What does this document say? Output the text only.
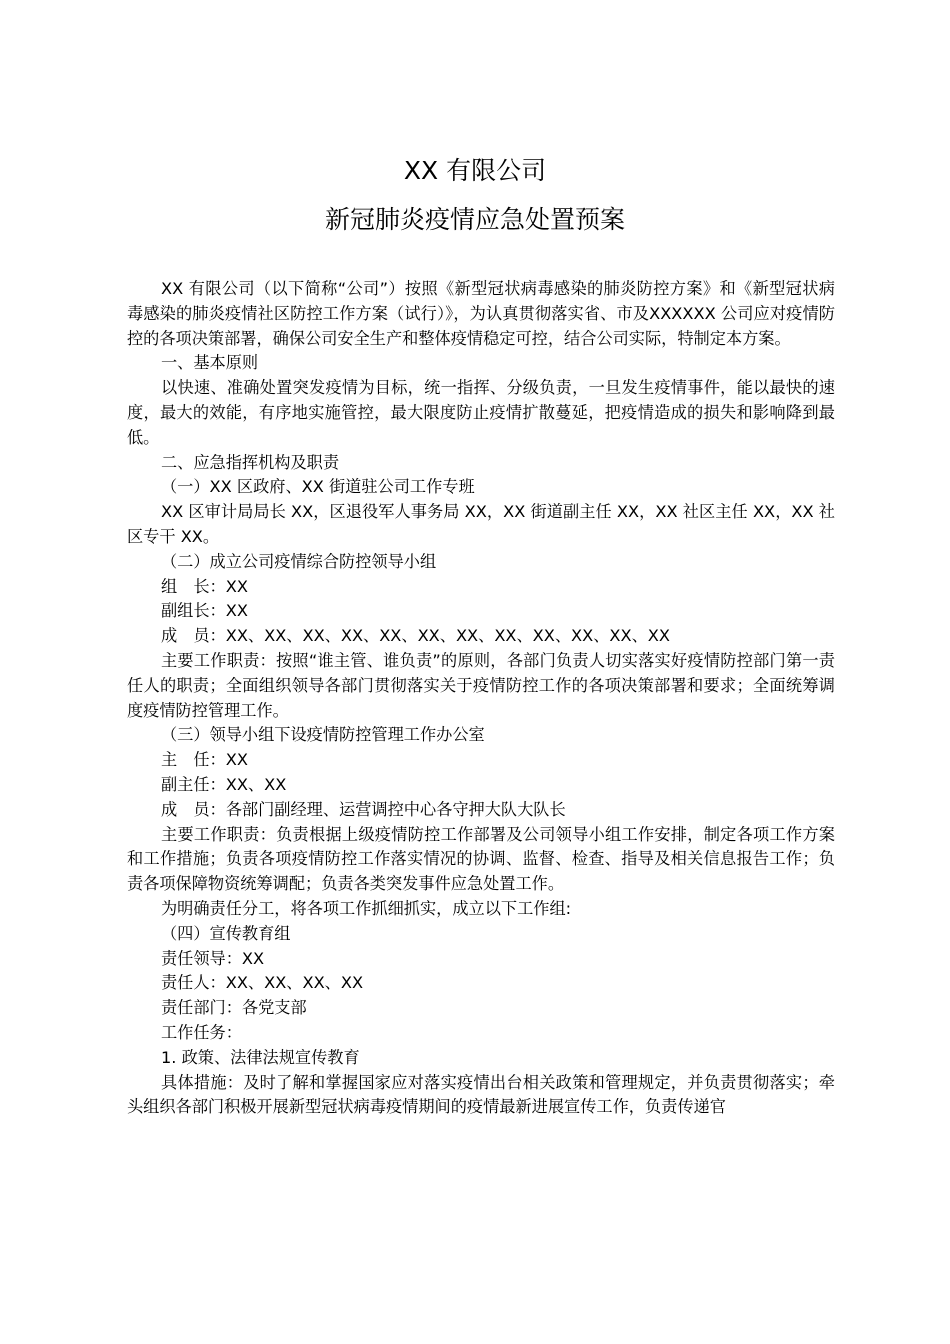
XX 有限公司
新冠肺炎疫情应急处置预案

XX 有限公司（以下简称“公司”）按照《新型冠状病毒感染的肺炎防控方案》和《新型冠状病毒感染的肺炎疫情社区防控工作方案（试行）》，为认真贯彻落实省、市及XXXXXX 公司应对疫情防控的各项决策部署，确保公司安全生产和整体疫情稳定可控，结合公司实际，特制定本方案。

一、基本原则

以快速、准确处置突发疫情为目标，统一指挥、分级负责，一旦发生疫情事件，能以最快的速度，最大的效能，有序地实施管控，最大限度防止疫情扩散蔓延，把疫情造成的损失和影响降到最低。

二、应急指挥机构及职责

（一）XX 区政府、XX 街道驻公司工作专班

XX 区审计局局长 XX，区退役军人事务局 XX，XX 街道副主任 XX，XX 社区主任 XX，XX 社区专干 XX。

（二）成立公司疫情综合防控领导小组

组　长：XX

副组长：XX

成　员：XX、XX、XX、XX、XX、XX、XX、XX、XX、XX、XX、XX

主要工作职责：按照“谁主管、谁负责”的原则，各部门负责人切实落实好疫情防控部门第一责任人的职责；全面组织领导各部门贯彻落实关于疫情防控工作的各项决策部署和要求；全面统筹调度疫情防控管理工作。

（三）领导小组下设疫情防控管理工作办公室

主　任：XX

副主任：XX、XX

成　员：各部门副经理、运营调控中心各守押大队大队长

主要工作职责：负责根据上级疫情防控工作部署及公司领导小组工作安排，制定各项工作方案和工作措施；负责各项疫情防控工作落实情况的协调、监督、检查、指导及相关信息报告工作；负责各项保障物资统筹调配；负责各类突发事件应急处置工作。

为明确责任分工，将各项工作抓细抓实，成立以下工作组:

（四）宣传教育组

责任领导：XX

责任人：XX、XX、XX、XX

责任部门：各党支部

工作任务：

1. 政策、法律法规宣传教育

具体措施：及时了解和掌握国家应对落实疫情出台相关政策和管理规定，并负责贯彻落实；牵头组织各部门积极开展新型冠状病毒疫情期间的疫情最新进展宣传工作，负责传递官
